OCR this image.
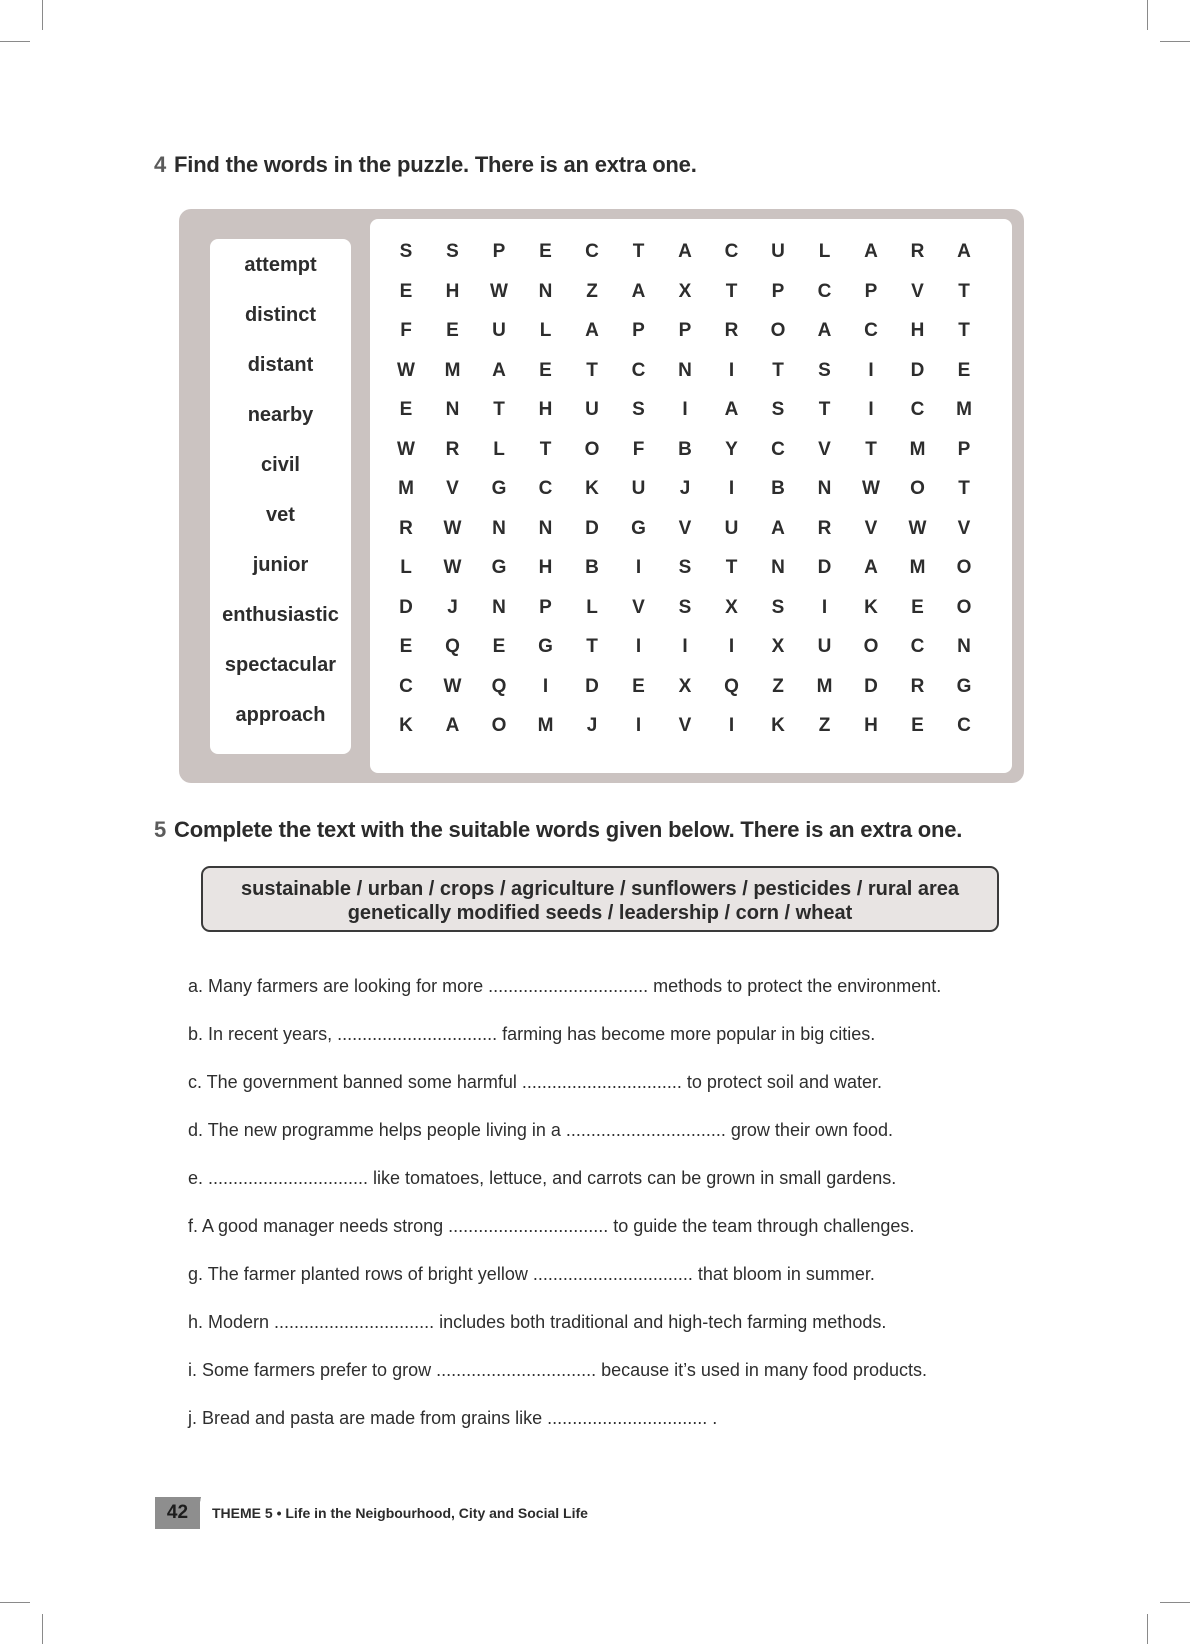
4 Find the words in the puzzle. There is an extra one.
attempt
distinct
distant
nearby
civil
vet
junior
enthusiastic
spectacular
approach
S	S	P	E	C	T	A	C	U	L	A	R	A
E	H	W	N	Z	A	X	T	P	C	P	V	T
F	E	U	L	A	P	P	R	O	A	C	H	T
W	M	A	E	T	C	N	I	T	S	I	D	E
E	N	T	H	U	S	I	A	S	T	I	C	M
W	R	L	T	O	F	B	Y	C	V	T	M	P
M	V	G	C	K	U	J	I	B	N	W	O	T
R	W	N	N	D	G	V	U	A	R	V	W	V
L	W	G	H	B	I	S	T	N	D	A	M	O
D	J	N	P	L	V	S	X	S	I	K	E	O
E	Q	E	G	T	I	I	I	X	U	O	C	N
C	W	Q	I	D	E	X	Q	Z	M	D	R	G
K	A	O	M	J	I	V	I	K	Z	H	E	C
5 Complete the text with the suitable words given below. There is an extra one.
sustainable / urban / crops / agriculture / sunflowers / pesticides / rural area
genetically modified seeds / leadership / corn / wheat
a. Many farmers are looking for more ................................ methods to protect the environment.
b. In recent years, ................................ farming has become more popular in big cities.
c. The government banned some harmful ................................ to protect soil and water.
d. The new programme helps people living in a ................................ grow their own food.
e. ................................ like tomatoes, lettuce, and carrots can be grown in small gardens.
f. A good manager needs strong ................................ to guide the team through challenges.
g. The farmer planted rows of bright yellow ................................ that bloom in summer.
h. Modern ................................ includes both traditional and high-tech farming methods.
i. Some farmers prefer to grow ................................ because it’s used in many food products.
j. Bread and pasta are made from grains like ................................ .
42	THEME 5 • Life in the Neigbourhood, City and Social Life
